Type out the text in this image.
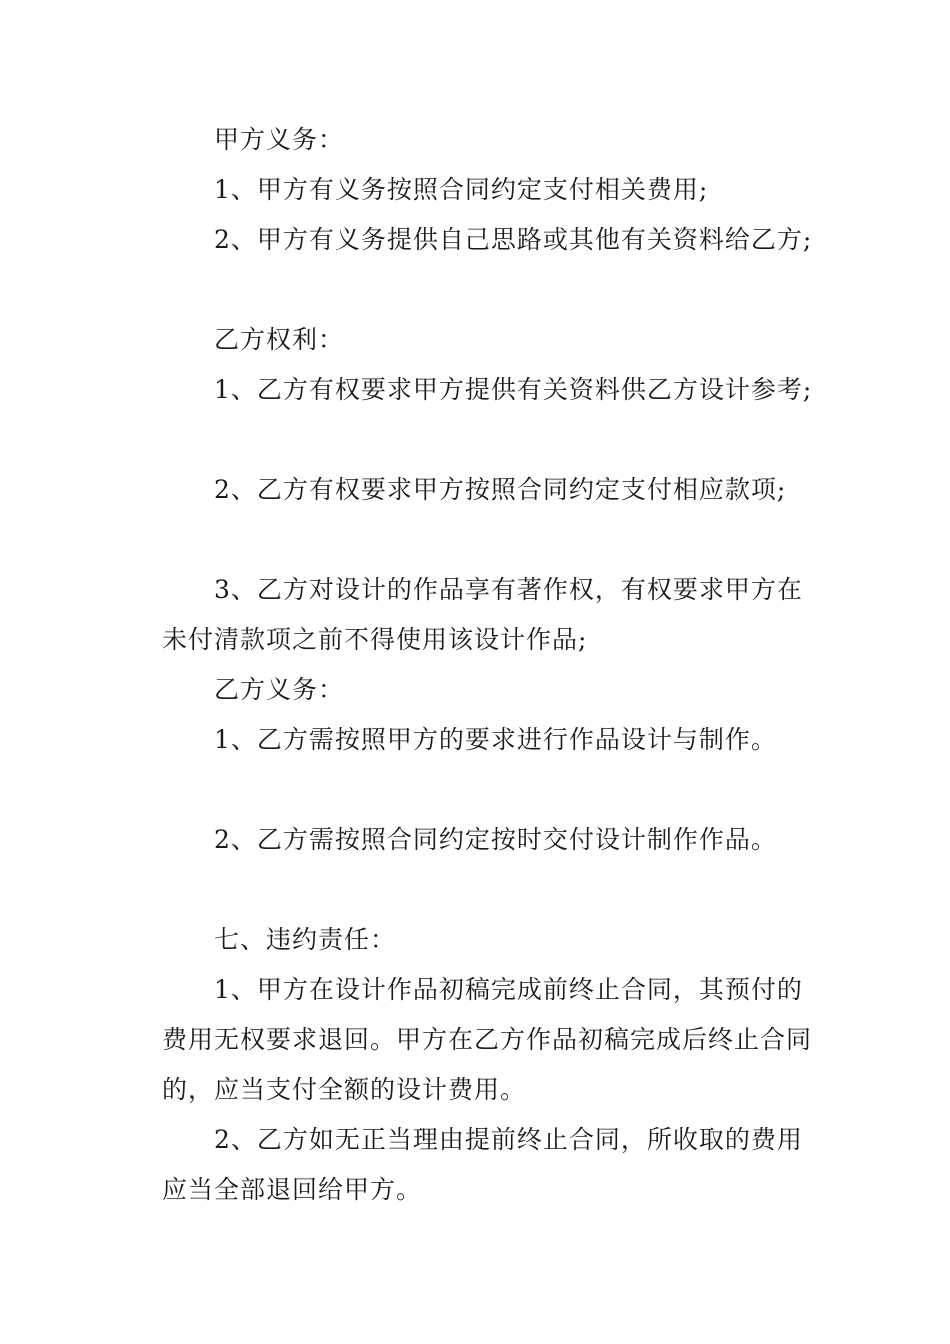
甲方义务：
1、甲方有义务按照合同约定支付相关费用;
2、甲方有义务提供自己思路或其他有关资料给乙方;
乙方权利：
1、乙方有权要求甲方提供有关资料供乙方设计参考;
2、乙方有权要求甲方按照合同约定支付相应款项;
3、乙方对设计的作品享有著作权，有权要求甲方在
未付清款项之前不得使用该设计作品;
乙方义务：
1、乙方需按照甲方的要求进行作品设计与制作。
2、乙方需按照合同约定按时交付设计制作作品。
七、违约责任：
1、甲方在设计作品初稿完成前终止合同，其预付的
费用无权要求退回。甲方在乙方作品初稿完成后终止合同
的，应当支付全额的设计费用。
2、乙方如无正当理由提前终止合同，所收取的费用
应当全部退回给甲方。
